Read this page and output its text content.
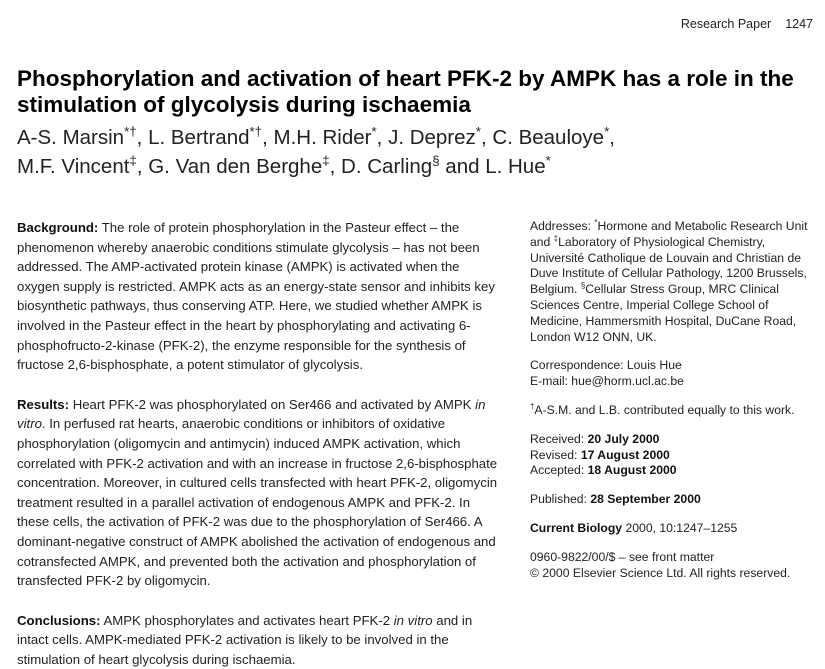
Research Paper 1247
Phosphorylation and activation of heart PFK-2 by AMPK has a role in the stimulation of glycolysis during ischaemia
A-S. Marsin*†, L. Bertrand*†, M.H. Rider*, J. Deprez*, C. Beauloye*,
M.F. Vincent‡, G. Van den Berghe‡, D. Carling§ and L. Hue*

Background: The role of protein phosphorylation in the Pasteur effect – the phenomenon whereby anaerobic conditions stimulate glycolysis – has not been addressed. The AMP-activated protein kinase (AMPK) is activated when the oxygen supply is restricted. AMPK acts as an energy-state sensor and inhibits key biosynthetic pathways, thus conserving ATP. Here, we studied whether AMPK is involved in the Pasteur effect in the heart by phosphorylating and activating 6-phosphofructo-2-kinase (PFK-2), the enzyme responsible for the synthesis of fructose 2,6-bisphosphate, a potent stimulator of glycolysis.

Results: Heart PFK-2 was phosphorylated on Ser466 and activated by AMPK in vitro. In perfused rat hearts, anaerobic conditions or inhibitors of oxidative phosphorylation (oligomycin and antimycin) induced AMPK activation, which correlated with PFK-2 activation and with an increase in fructose 2,6-bisphosphate concentration. Moreover, in cultured cells transfected with heart PFK-2, oligomycin treatment resulted in a parallel activation of endogenous AMPK and PFK-2. In these cells, the activation of PFK-2 was due to the phosphorylation of Ser466. A dominant-negative construct of AMPK abolished the activation of endogenous and cotransfected AMPK, and prevented both the activation and phosphorylation of transfected PFK-2 by oligomycin.

Conclusions: AMPK phosphorylates and activates heart PFK-2 in vitro and in intact cells. AMPK-mediated PFK-2 activation is likely to be involved in the stimulation of heart glycolysis during ischaemia.

Addresses: *Hormone and Metabolic Research Unit and ‡Laboratory of Physiological Chemistry, Université Catholique de Louvain and Christian de Duve Institute of Cellular Pathology, 1200 Brussels, Belgium. §Cellular Stress Group, MRC Clinical Sciences Centre, Imperial College School of Medicine, Hammersmith Hospital, DuCane Road, London W12 ONN, UK.
Correspondence: Louis Hue
E-mail: hue@horm.ucl.ac.be
†A-S.M. and L.B. contributed equally to this work.
Received: 20 July 2000
Revised: 17 August 2000
Accepted: 18 August 2000
Published: 28 September 2000
Current Biology 2000, 10:1247–1255
0960-9822/00/$ – see front matter
© 2000 Elsevier Science Ltd. All rights reserved.
